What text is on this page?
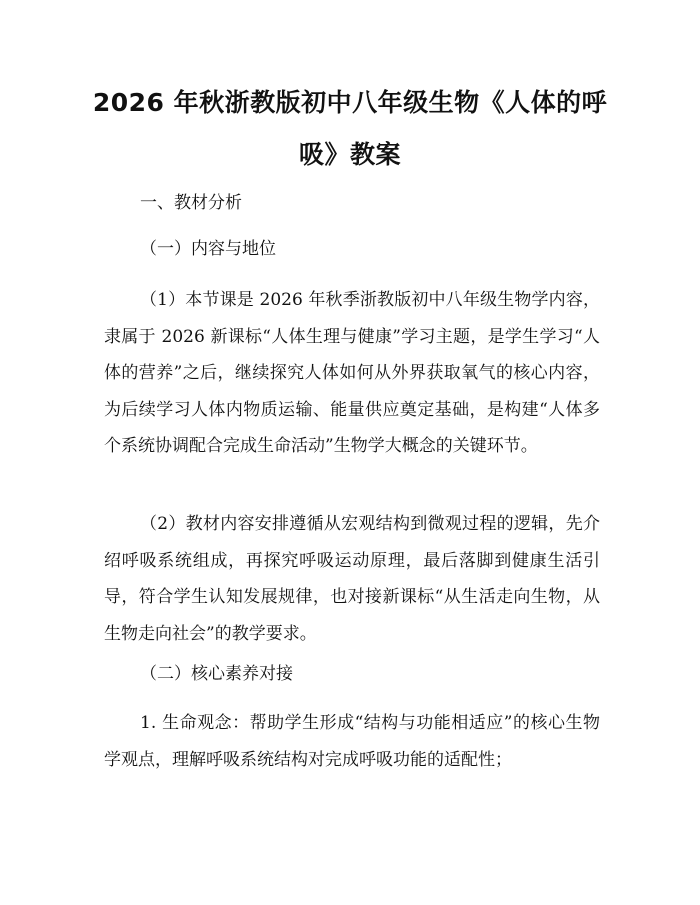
2026 年秋浙教版初中八年级生物《人体的呼吸》教案
一、教材分析
（一）内容与地位
（1）本节课是 2026 年秋季浙教版初中八年级生物学内容，隶属于 2026 新课标“人体生理与健康”学习主题，是学生学习“人体的营养”之后，继续探究人体如何从外界获取氧气的核心内容，为后续学习人体内物质运输、能量供应奠定基础，是构建“人体多个系统协调配合完成生命活动”生物学大概念的关键环节。
（2）教材内容安排遵循从宏观结构到微观过程的逻辑，先介绍呼吸系统组成，再探究呼吸运动原理，最后落脚到健康生活引导，符合学生认知发展规律，也对接新课标“从生活走向生物，从生物走向社会”的教学要求。
（二）核心素养对接
1. 生命观念：帮助学生形成“结构与功能相适应”的核心生物学观点，理解呼吸系统结构对完成呼吸功能的适配性；
